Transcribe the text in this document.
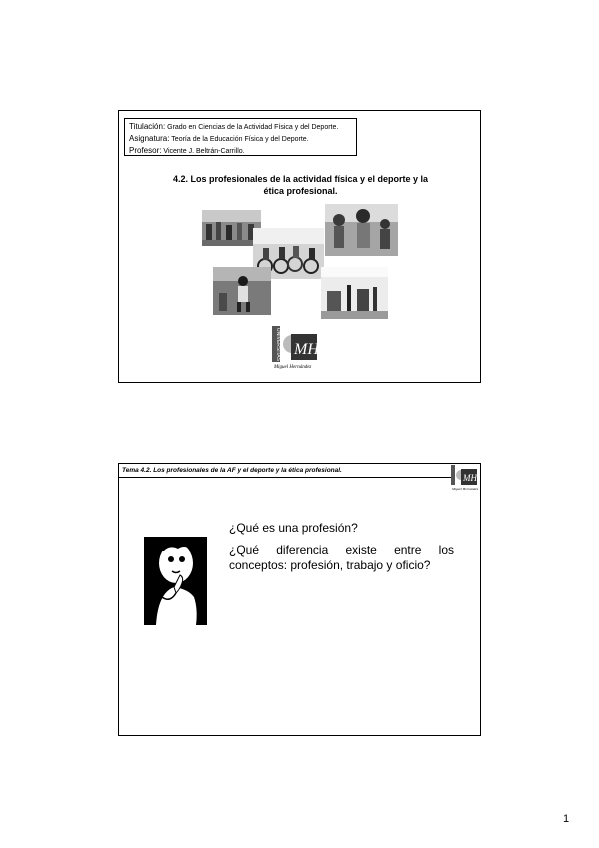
Titulación: Grado en Ciencias de la Actividad Física y del Deporte.
Asignatura: Teoría de la Educación Física y del Deporte.
Profesor: Vicente J. Beltrán-Carrillo.
4.2. Los profesionales de la actividad física y el deporte y la
ética profesional.
UNIVERSITAS MH
Miguel Hernández
Tema 4.2. Los profesionales de la AF y el deporte y la ética profesional.
MH
Miguel Hernández
¿Qué es una profesión?
¿Qué diferencia existe entre los conceptos: profesión, trabajo y oficio?
1
